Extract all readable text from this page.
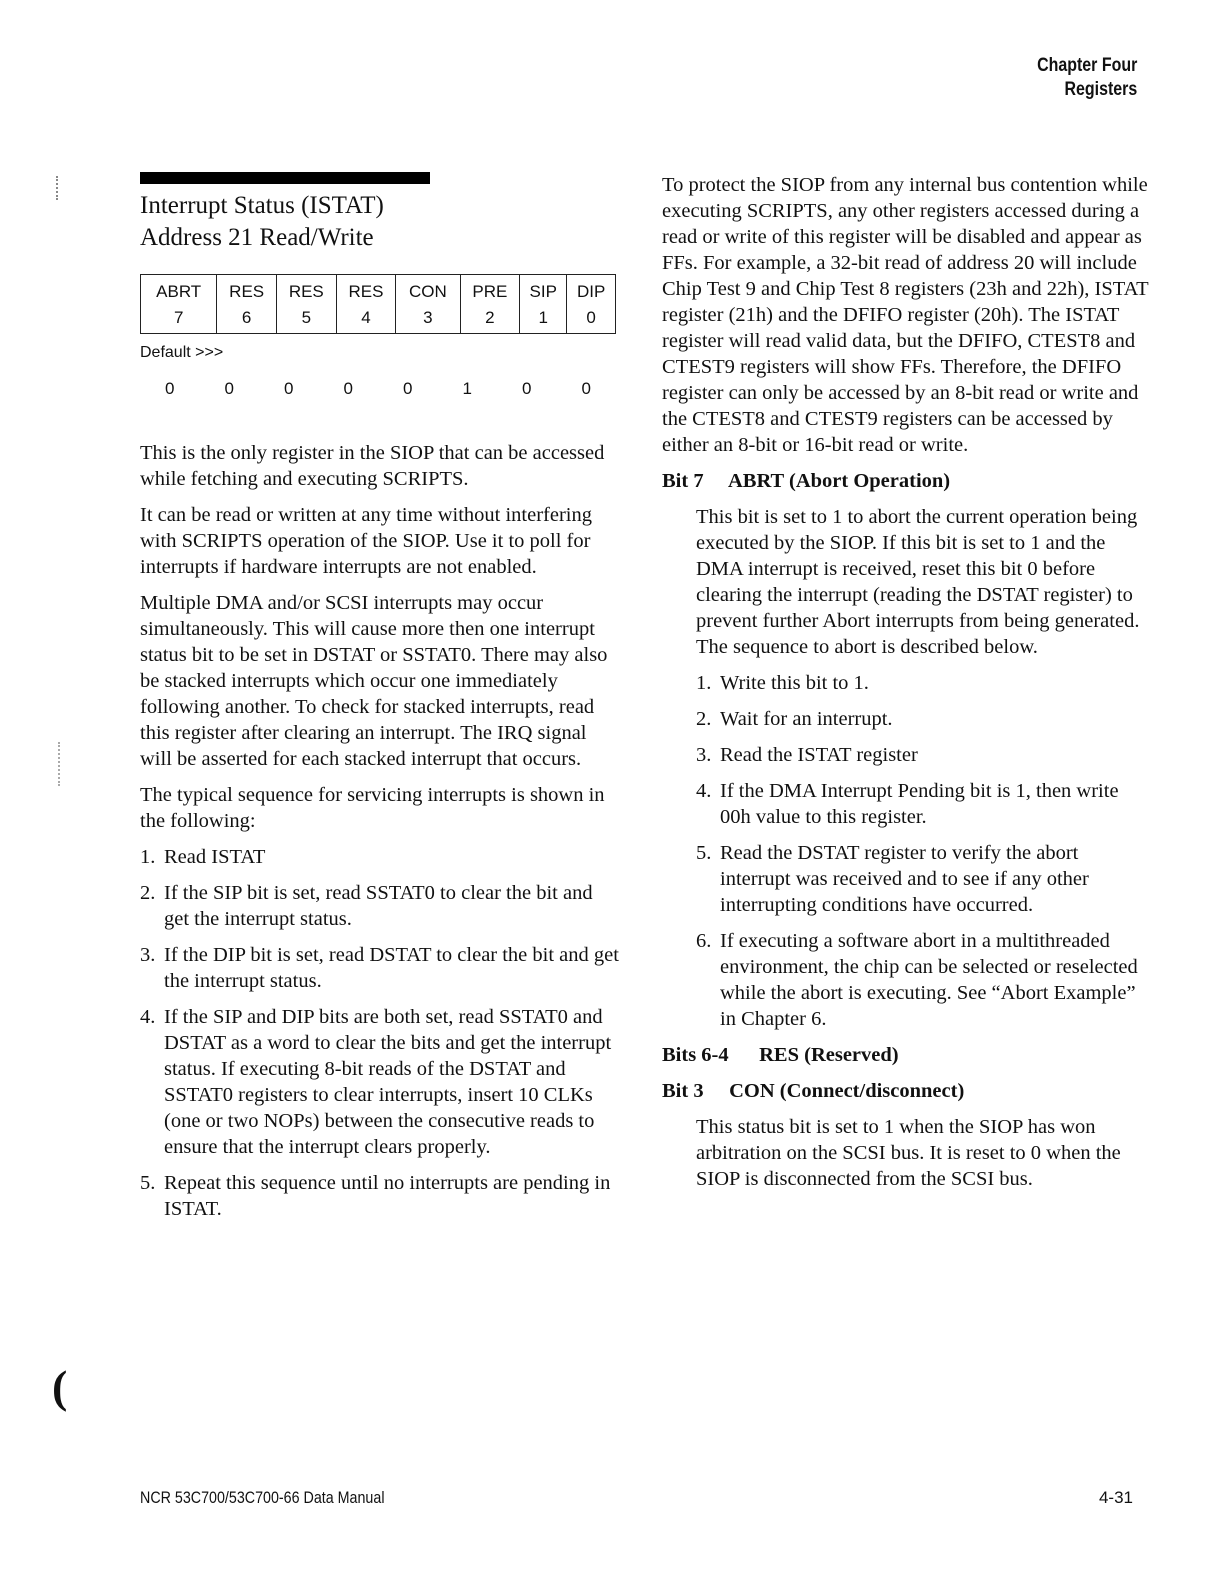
Chapter Four
Registers
Interrupt Status (ISTAT)
Address 21 Read/Write
ABRT	RES	RES	RES	CON	PRE	SIP	DIP
7	6	5	4	3	2	1	0
Default >>>
0	0	0	0	0	1	0	0

This is the only register in the SIOP that can be accessed while fetching and executing SCRIPTS.

It can be read or written at any time without interfering with SCRIPTS operation of the SIOP. Use it to poll for interrupts if hardware interrupts are not enabled.

Multiple DMA and/or SCSI interrupts may occur simultaneously. This will cause more then one interrupt status bit to be set in DSTAT or SSTAT0. There may also be stacked interrupts which occur one immediately following another. To check for stacked interrupts, read this register after clearing an interrupt. The IRQ signal will be asserted for each stacked interrupt that occurs.

The typical sequence for servicing interrupts is shown in the following:

1. Read ISTAT
2. If the SIP bit is set, read SSTAT0 to clear the bit and get the interrupt status.
3. If the DIP bit is set, read DSTAT to clear the bit and get the interrupt status.
4. If the SIP and DIP bits are both set, read SSTAT0 and DSTAT as a word to clear the bits and get the interrupt status. If executing 8-bit reads of the DSTAT and SSTAT0 registers to clear interrupts, insert 10 CLKs (one or two NOPs) between the consecutive reads to ensure that the interrupt clears properly.
5. Repeat this sequence until no interrupts are pending in ISTAT.

To protect the SIOP from any internal bus contention while executing SCRIPTS, any other registers accessed during a read or write of this register will be disabled and appear as FFs. For example, a 32-bit read of address 20 will include Chip Test 9 and Chip Test 8 registers (23h and 22h), ISTAT register (21h) and the DFIFO register (20h). The ISTAT register will read valid data, but the DFIFO, CTEST8 and CTEST9 registers will show FFs. Therefore, the DFIFO register can only be accessed by an 8-bit read or write and the CTEST8 and CTEST9 registers can be accessed by either an 8-bit or 16-bit read or write.

Bit 7 ABRT (Abort Operation)

This bit is set to 1 to abort the current operation being executed by the SIOP. If this bit is set to 1 and the DMA interrupt is received, reset this bit 0 before clearing the interrupt (reading the DSTAT register) to prevent further Abort interrupts from being generated. The sequence to abort is described below.

1. Write this bit to 1.
2. Wait for an interrupt.
3. Read the ISTAT register
4. If the DMA Interrupt Pending bit is 1, then write 00h value to this register.
5. Read the DSTAT register to verify the abort interrupt was received and to see if any other interrupting conditions have occurred.
6. If executing a software abort in a multithreaded environment, the chip can be selected or reselected while the abort is executing. See “Abort Example” in Chapter 6.
Bits 6-4 RES (Reserved)
Bit 3 CON (Connect/disconnect)

This status bit is set to 1 when the SIOP has won arbitration on the SCSI bus. It is reset to 0 when the SIOP is disconnected from the SCSI bus.

(
NCR 53C700/53C700-66 Data Manual	4-31
